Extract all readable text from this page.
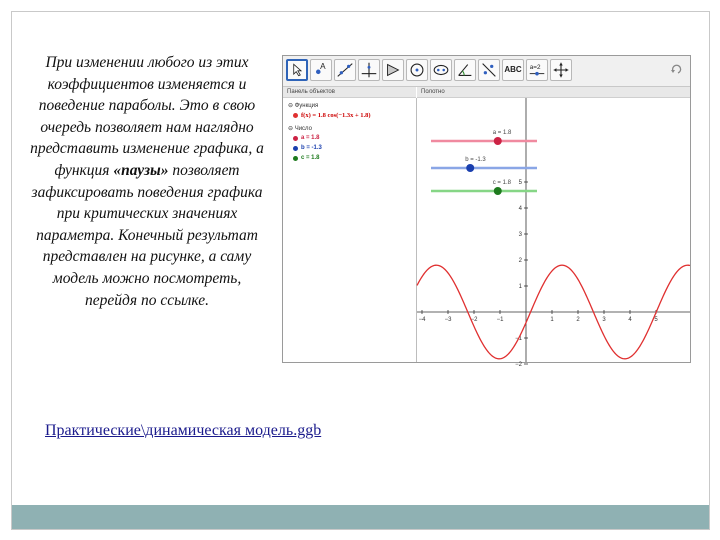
При изменении любого из этих коэффициентов изменяется и поведение параболы. Это в свою очередь позволяет нам наглядно представить изменение графика, а функция «паузы» позволяет зафиксировать поведения графика при критических значениях параметра. Конечный результат представлен на рисунке, а саму модель можно посмотреть, перейдя по ссылке.

A	ABC a=2
Панель объектов	Полотно
⊖ Функция
f(x) = 1.8 cos(−1.3x + 1.8)
⊖ Число
a = 1.8
b = -1.3
c = 1.8
−4	−3	−2	−1	1	2	3	4	5
−2
−1
1
2
3
4
5
a = 1.8
b = -1.3
c = 1.8
Практические\динамическая модель.ggb
